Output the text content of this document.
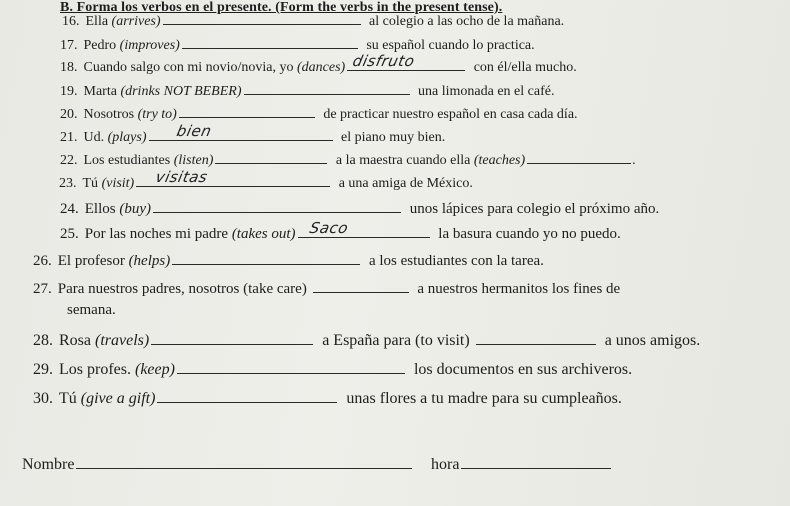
B. Forma los verbos en el presente. (Form the verbs in the present tense).
16. Ella (arrives)	al colegio a las ocho de la mañana.
17. Pedro (improves)	su español cuando lo practica.
18. Cuando salgo con mi novio/novia, yo (dances) disfruto	con él/ella mucho.
19. Marta (drinks NOT BEBER)	una limonada en el café.
20. Nosotros (try to)	de practicar nuestro español en casa cada día.
21. Ud. (plays) bien	el piano muy bien.
22. Los estudiantes (listen)	a la maestra cuando ella (teaches)	.
23. Tú (visit) visitas	a una amiga de México.
24. Ellos (buy)	unos lápices para colegio el próximo año.
25. Por las noches mi padre (takes out) Saco	la basura cuando yo no puedo.
26. El profesor (helps)	a los estudiantes con la tarea.
27. Para nuestros padres, nosotros (take care)	a nuestros hermanitos los fines de
semana.
28. Rosa (travels)	a España para (to visit)	a unos amigos.
29. Los profes. (keep)	los documentos en sus archiveros.
30. Tú (give a gift)	unas flores a tu madre para su cumpleaños.
Nombre	hora
